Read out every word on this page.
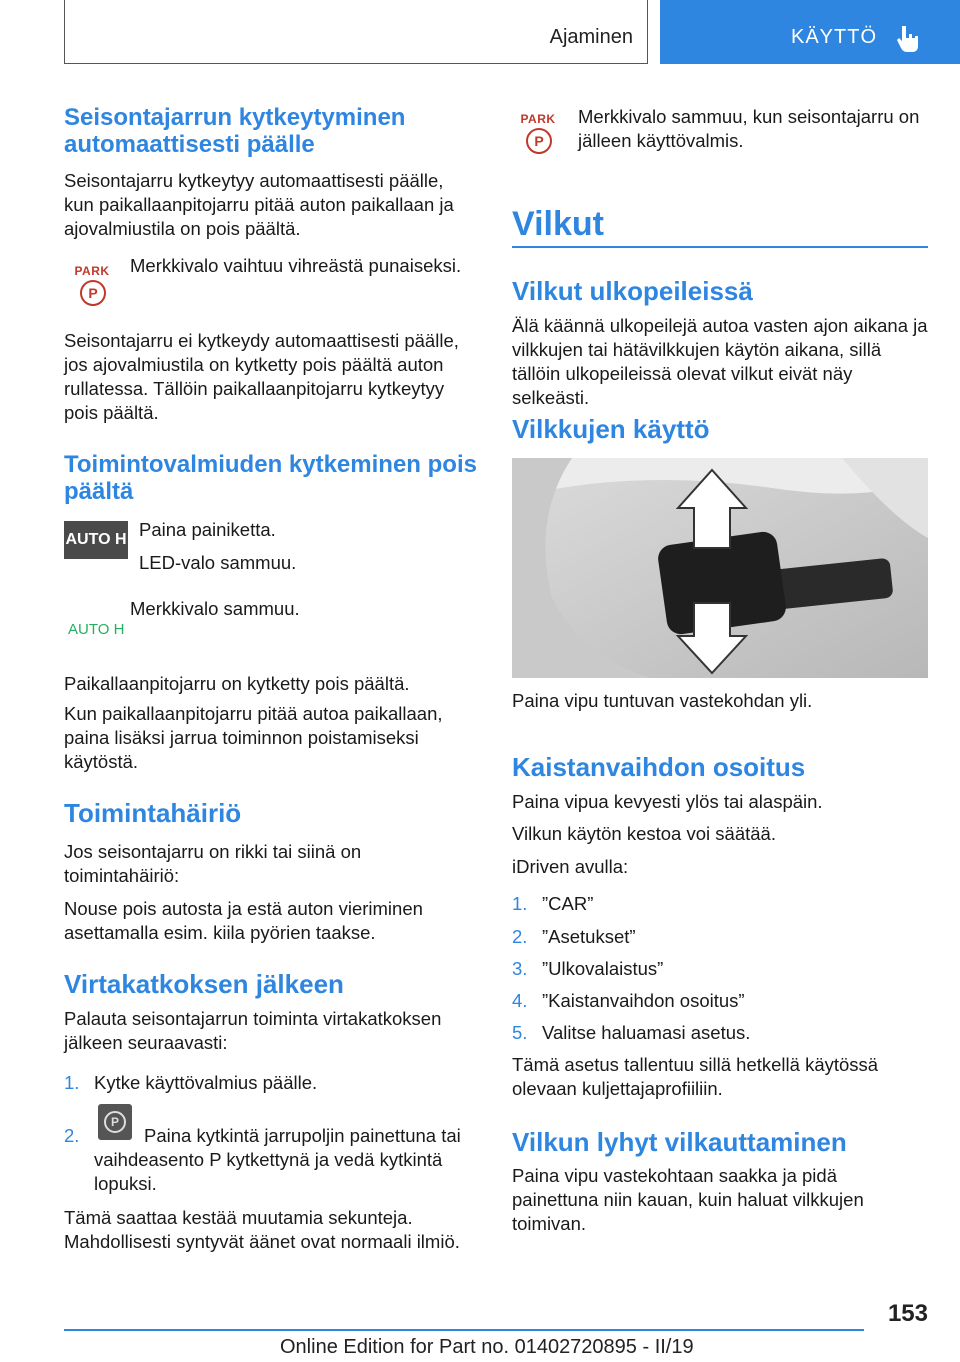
Ajaminen	KÄYTTÖ
Seisontajarrun kytkeytyminen automaattisesti päälle

Seisontajarru kytkeytyy automaattisesti päälle, kun paikallaanpitojarru pitää auton paikallaan ja ajovalmiustila on pois päältä.

PARK
P

Merkkivalo vaihtuu vihreästä punaiseksi.

Seisontajarru ei kytkeydy automaattisesti päälle, jos ajovalmiustila on kytketty pois päältä auton rullatessa. Tällöin paikallaanpitojarru kytkeytyy pois päältä.

Toimintovalmiuden kytkeminen pois päältä
AUTO H Paina painiketta.

LED-valo sammuu.

AUTO H

Merkkivalo sammuu.

Paikallaanpitojarru on kytketty pois päältä.

Kun paikallaanpitojarru pitää autoa paikallaan, paina lisäksi jarrua toiminnon poistamiseksi käytöstä.

Toimintahäiriö

Jos seisontajarru on rikki tai siinä on toimintahäiriö:

Nouse pois autosta ja estä auton vieriminen asettamalla esim. kiila pyörien taakse.

Virtakatkoksen jälkeen

Palauta seisontajarrun toiminta virtakatkoksen jälkeen seuraavasti:

1. Kytke käyttövalmius päälle.
2.
P
Paina kytkintä jarrupoljin painettuna tai vaihdeasento P kytkettynä ja vedä kytkintä lopuksi.

Tämä saattaa kestää muutamia sekunteja. Mahdollisesti syntyvät äänet ovat normaali ilmiö.

PARK
P

Merkkivalo sammuu, kun seisontajarru on jälleen käyttövalmis.

Vilkut
Vilkut ulkopeileissä

Älä käännä ulkopeilejä autoa vasten ajon aikana ja vilkkujen tai hätävilkkujen käytön aikana, sillä tällöin ulkopeileissä olevat vilkut eivät näy selkeästi.

Vilkkujen käyttö

Paina vipu tuntuvan vastekohdan yli.

Kaistanvaihdon osoitus

Paina vipua kevyesti ylös tai alaspäin.

Vilkun käytön kestoa voi säätää.

iDriven avulla:

1. ”CAR”
2. ”Asetukset”
3. ”Ulkovalaistus”
4. ”Kaistanvaihdon osoitus”
5. Valitse haluamasi asetus.

Tämä asetus tallentuu sillä hetkellä käytössä olevaan kuljettajaprofiiliin.

Vilkun lyhyt vilkauttaminen

Paina vipu vastekohtaan saakka ja pidä painettuna niin kauan, kuin haluat vilkkujen toimivan.

153
Online Edition for Part no. 01402720895 - II/19
